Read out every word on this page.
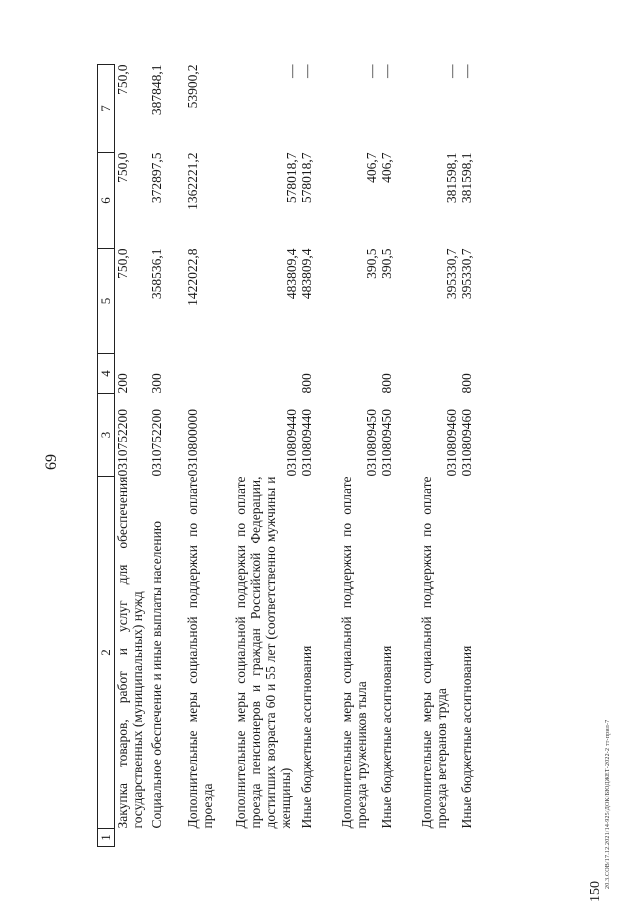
69
1	2	3	4	5	6	7
	Закупка товаров, работ и услуг для обеспечения государственных (муниципальных) нужд	0310752200	200	750,0	750,0	750,0
	Социальное обеспечение и иные выплаты населению	0310752200	300	358536,1	372897,5	387848,1
	Дополнительные меры социальной поддержки по оплате проезда	0310800000		1422022,8	1362221,2	53900,2
	Дополнительные меры социальной поддержки по оплате проезда пенсионеров и граждан Российской Федерации, достигших возраста 60 и 55 лет (соответственно мужчины и женщины)	0310809440		483809,4	578018,7	—
	Иные бюджетные ассигнования	0310809440	800	483809,4	578018,7	—
	Дополнительные меры социальной поддержки по оплате проезда тружеников тыла	0310809450		390,5	406,7	—
	Иные бюджетные ассигнования	0310809450	800	390,5	406,7	—
	Дополнительные меры социальной поддержки по оплате проезда ветеранов труда	0310809460		395330,7	381598,1	—
	Иные бюджетные ассигнования	0310809460	800	395330,7	381598,1	—
150
20.3.СОВ/17.12.2021/14-925/ДОК/БЮДЖЕТ-2022-2 тт-прил-7
